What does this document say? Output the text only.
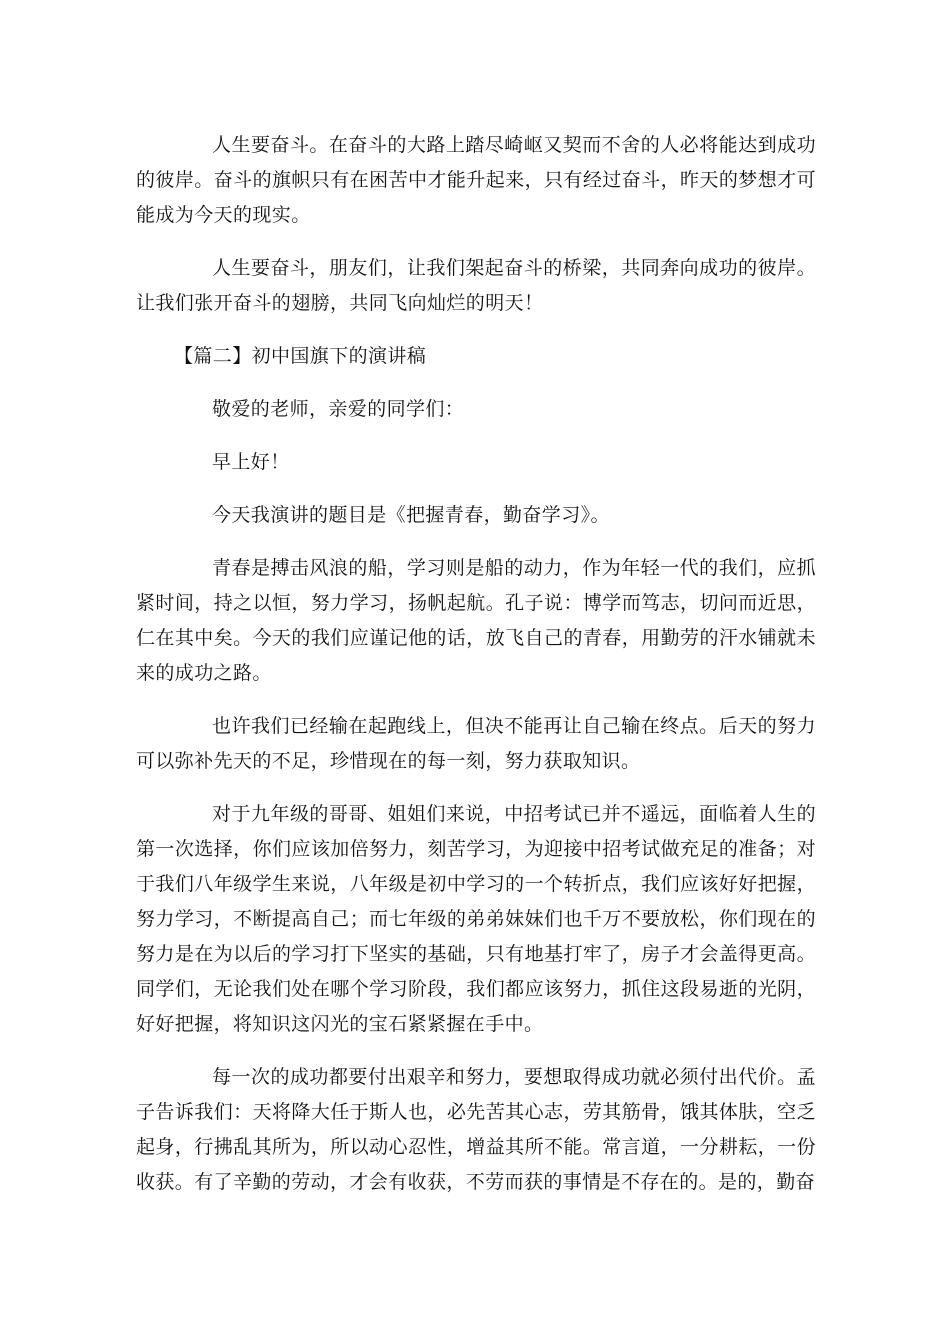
人生要奋斗。在奋斗的大路上踏尽崎岖又契而不舍的人必将能达到成功的彼岸。奋斗的旗帜只有在困苦中才能升起来，只有经过奋斗，昨天的梦想才可能成为今天的现实。

人生要奋斗，朋友们，让我们架起奋斗的桥梁，共同奔向成功的彼岸。让我们张开奋斗的翅膀，共同飞向灿烂的明天！

【篇二】初中国旗下的演讲稿

敬爱的老师，亲爱的同学们：

早上好！

今天我演讲的题目是《把握青春，勤奋学习》。

青春是搏击风浪的船，学习则是船的动力，作为年轻一代的我们，应抓紧时间，持之以恒，努力学习，扬帆起航。孔子说：博学而笃志，切问而近思，仁在其中矣。今天的我们应谨记他的话，放飞自己的青春，用勤劳的汗水铺就未来的成功之路。

也许我们已经输在起跑线上，但决不能再让自己输在终点。后天的努力可以弥补先天的不足，珍惜现在的每一刻，努力获取知识。

对于九年级的哥哥、姐姐们来说，中招考试已并不遥远，面临着人生的第一次选择，你们应该加倍努力，刻苦学习，为迎接中招考试做充足的准备；对于我们八年级学生来说，八年级是初中学习的一个转折点，我们应该好好把握，努力学习，不断提高自己；而七年级的弟弟妹妹们也千万不要放松，你们现在的努力是在为以后的学习打下坚实的基础，只有地基打牢了，房子才会盖得更高。同学们，无论我们处在哪个学习阶段，我们都应该努力，抓住这段易逝的光阴，好好把握，将知识这闪光的宝石紧紧握在手中。

每一次的成功都要付出艰辛和努力，要想取得成功就必须付出代价。孟子告诉我们：天将降大任于斯人也，必先苦其心志，劳其筋骨，饿其体肤，空乏起身，行拂乱其所为，所以动心忍性，增益其所不能。常言道，一分耕耘，一份收获。有了辛勤的劳动，才会有收获，不劳而获的事情是不存在的。是的，勤奋
